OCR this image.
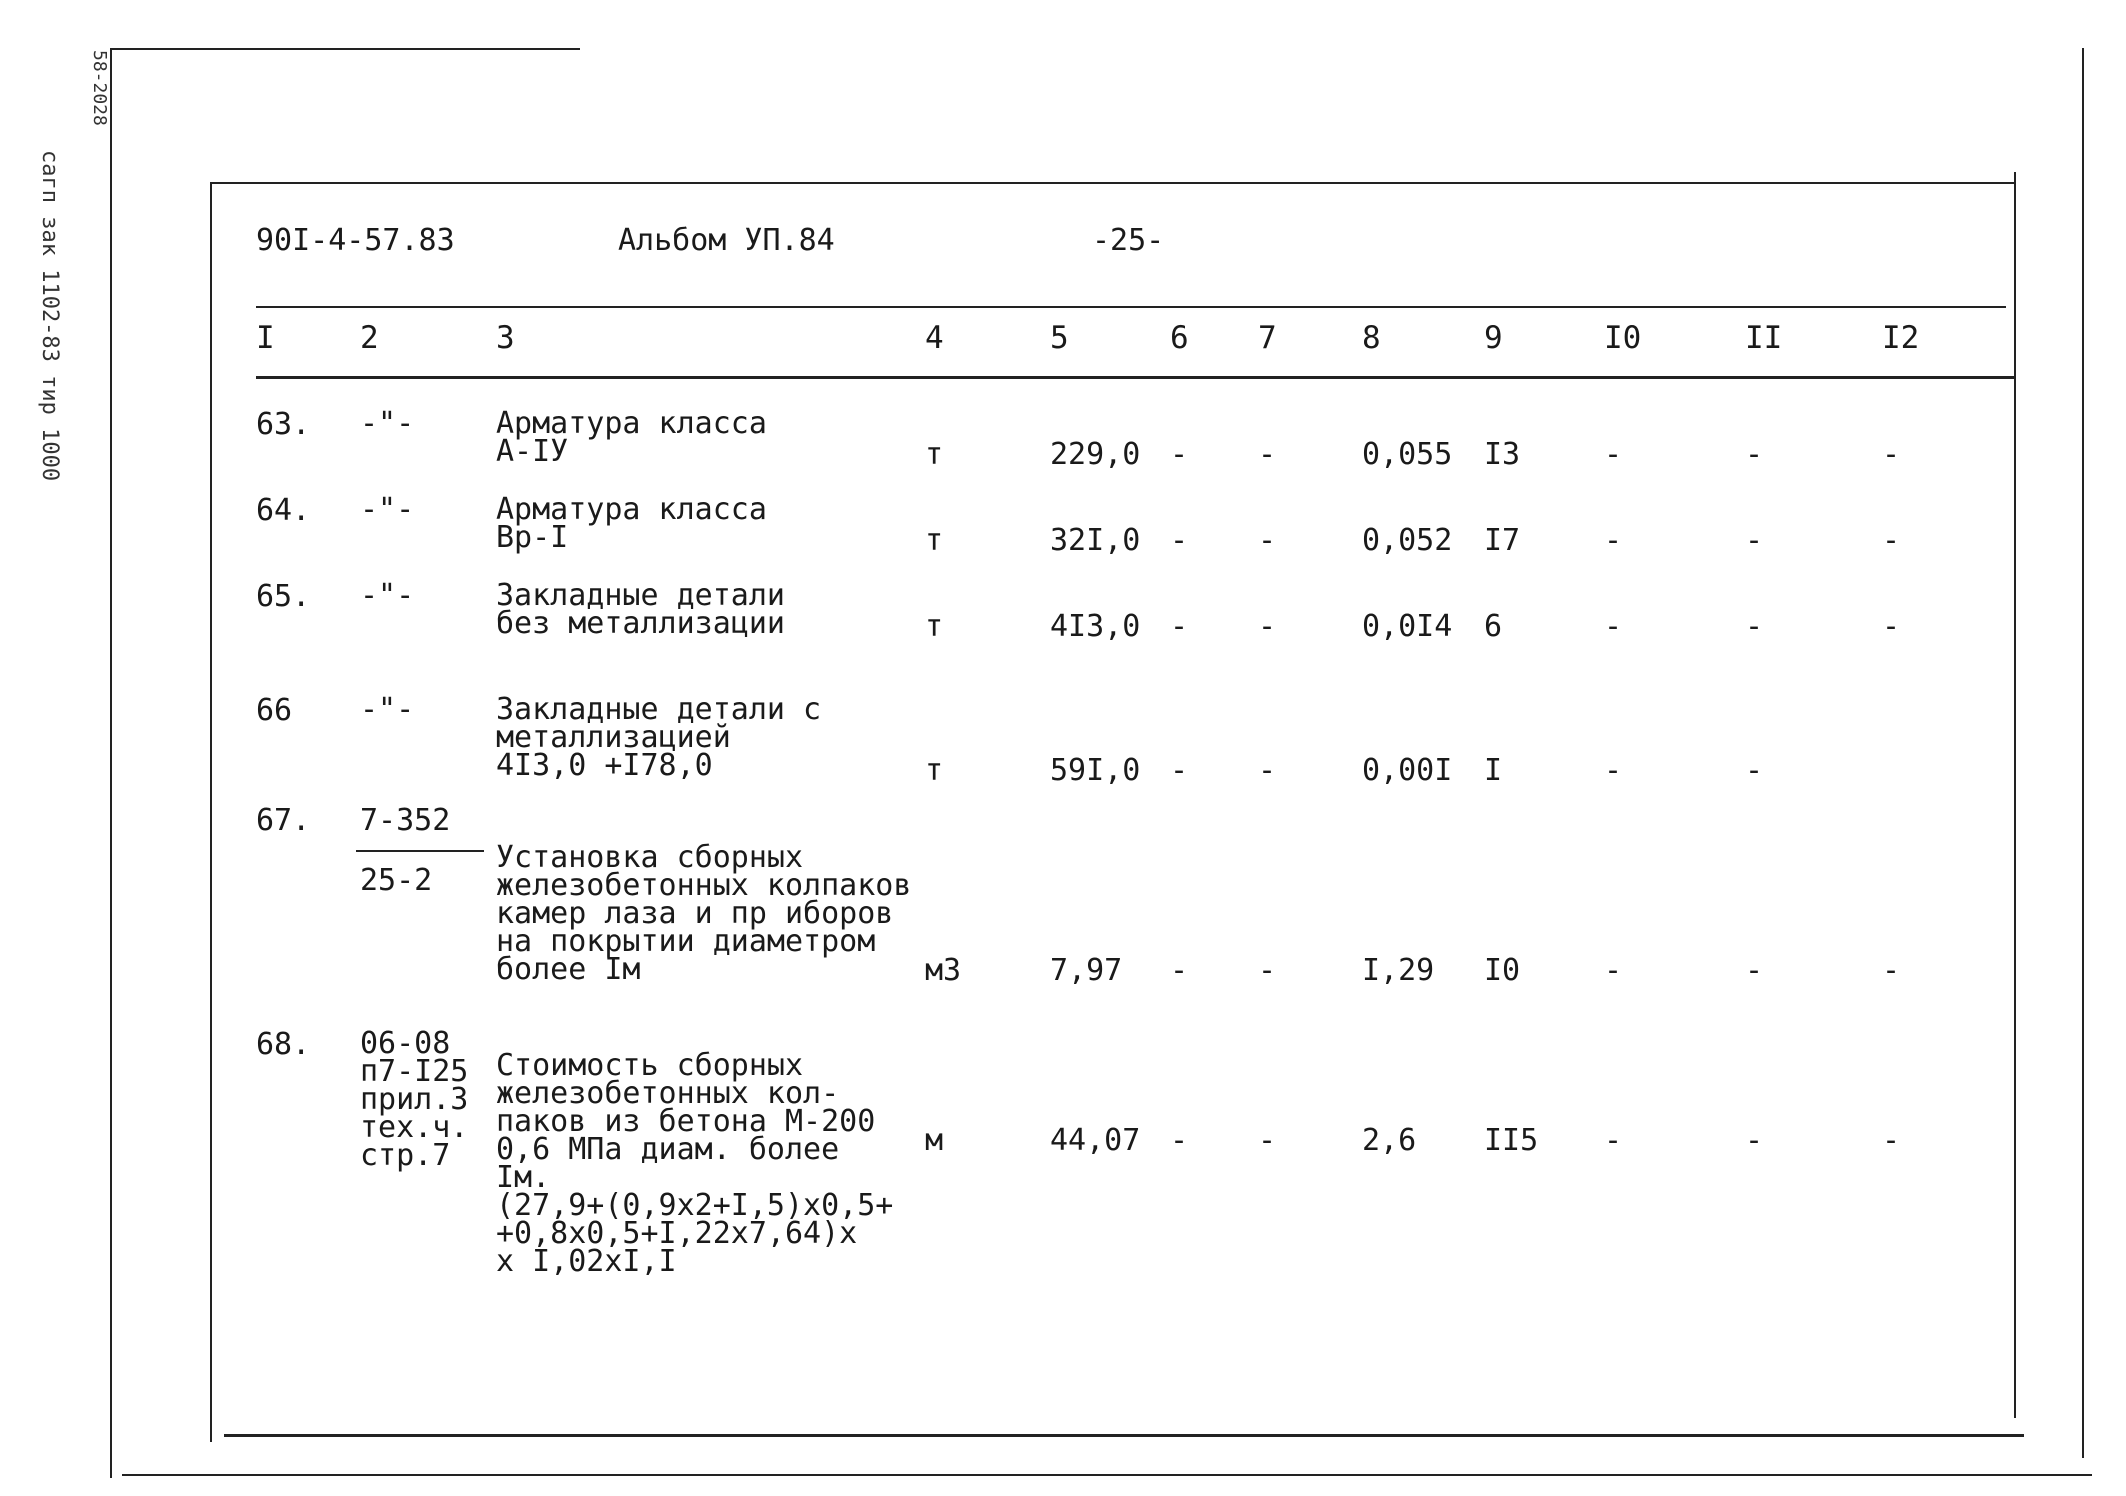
сагп зак 1102-83 тир 1000
58-2028
90I-4-57.83	Альбом УП.84	-25-
I	2	3	4	5	6 7	8	9	I0	II	I2
63. -"-	Арматура класса
А-IУ	т	229,0 - -	0,055 I3	-	-	-
64. -"-	Арматура класса
Вр-I	т	32I,0 - -	0,052 I7	-	-	-
65. -"-	Закладные детали
без металлизации	т	4I3,0 - -	0,0I4 6	-	-	-
66 -"-	Закладные детали с
металлизацией
4I3,0 +I78,0	т	59I,0 - -	0,00I I	-	-
67. 7-352
25-2
Установка сборных
железобетонных колпаков
камер лаза и пр иборов
на покрытии диаметром
более Iм	м3	7,97 - -	I,29 I0	-	-	-
68. 06-08
п7-I25
прил.3
тех.ч.
стр.7
Стоимость сборных
железобетонных кол-
паков из бетона М-200
0,6 МПа диам. более
Iм.
(27,9+(0,9х2+I,5)х0,5+
+0,8х0,5+I,22х7,64)х
х I,02хI,I
м	44,07 - -	2,6 II5 -	-	-
